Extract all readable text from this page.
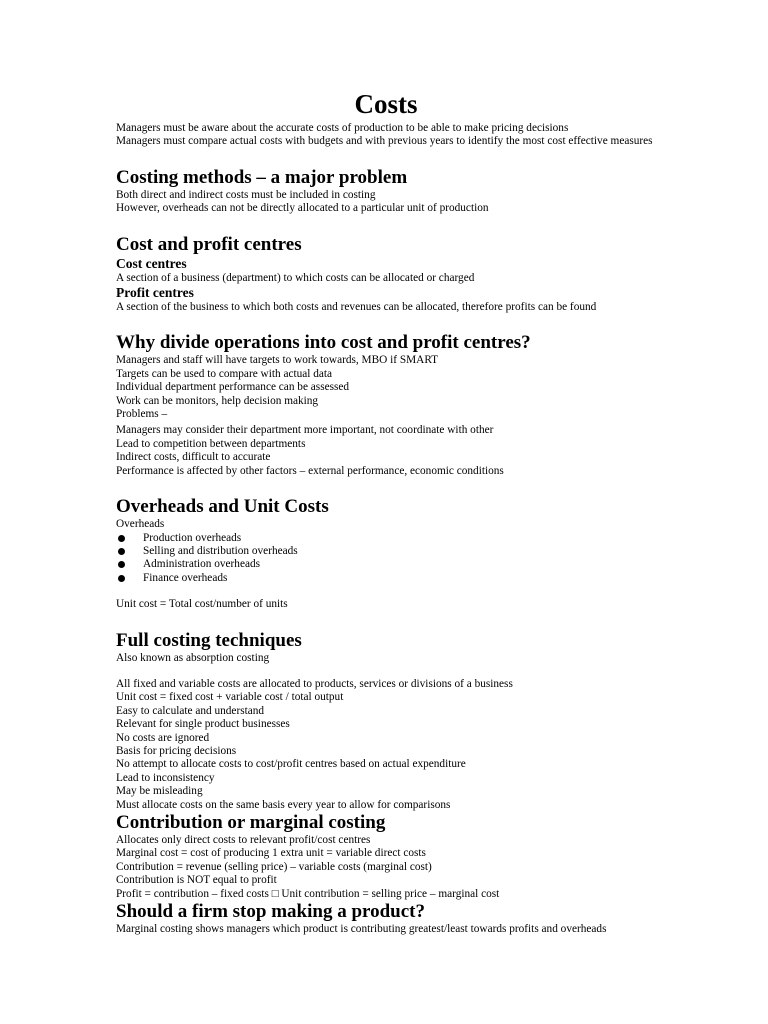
Costs
Managers must be aware about the accurate costs of production to be able to make pricing decisions
Managers must compare actual costs with budgets and with previous years to identify the most cost effective measures
Costing methods – a major problem
Both direct and indirect costs must be included in costing
However, overheads can not be directly allocated to a particular unit of production
Cost and profit centres
Cost centres
A section of a business (department) to which costs can be allocated or charged
Profit centres
A section of the business to which both costs and revenues can be allocated, therefore profits can be found
Why divide operations into cost and profit centres?
Managers and staff will have targets to work towards, MBO if SMART
Targets can be used to compare with actual data
Individual department performance can be assessed
Work can be monitors, help decision making
Problems –
Managers may consider their department more important, not coordinate with other
Lead to competition between departments
Indirect costs, difficult to accurate
Performance is affected by other factors – external performance, economic conditions
Overheads and Unit Costs
Overheads
Production overheads
Selling and distribution overheads
Administration overheads
Finance overheads
Unit cost = Total cost/number of units
Full costing techniques
Also known as absorption costing
All fixed and variable costs are allocated to products, services or divisions of a business
Unit cost = fixed cost + variable cost / total output
Easy to calculate and understand
Relevant for single product businesses
No costs are ignored
Basis for pricing decisions
No attempt to allocate costs to cost/profit centres based on actual expenditure
Lead to inconsistency
May be misleading
Must allocate costs on the same basis every year to allow for comparisons
Contribution or marginal costing
Allocates only direct costs to relevant profit/cost centres
Marginal cost = cost of producing 1 extra unit = variable direct costs
Contribution = revenue (selling price) – variable costs (marginal cost)
Contribution is NOT equal to profit
Profit = contribution – fixed costs □ Unit contribution = selling price – marginal cost
Should a firm stop making a product?
Marginal costing shows managers which product is contributing greatest/least towards profits and overheads
